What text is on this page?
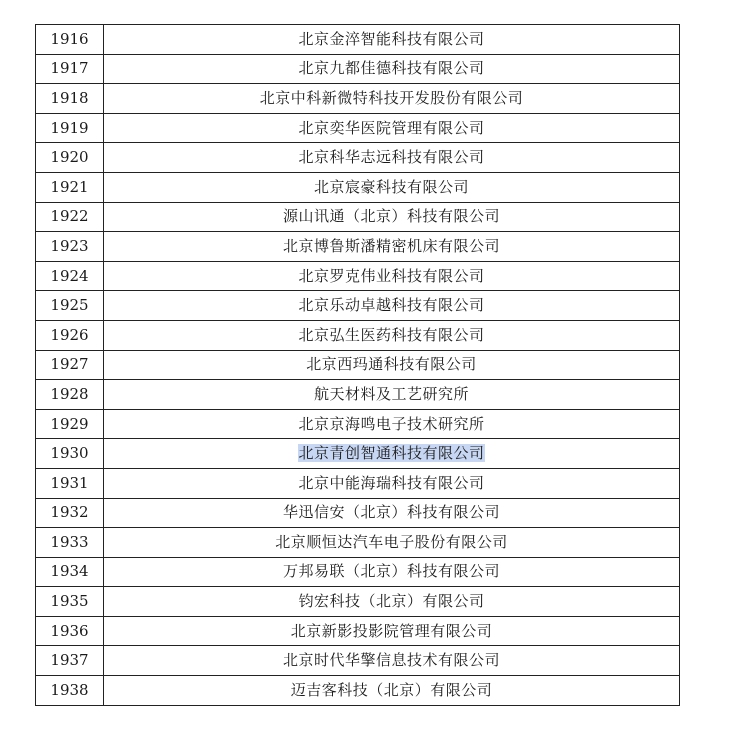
1916	北京金淬智能科技有限公司
1917	北京九都佳德科技有限公司
1918	北京中科新微特科技开发股份有限公司
1919	北京奕华医院管理有限公司
1920	北京科华志远科技有限公司
1921	北京宸豪科技有限公司
1922	源山讯通（北京）科技有限公司
1923	北京博鲁斯潘精密机床有限公司
1924	北京罗克伟业科技有限公司
1925	北京乐动卓越科技有限公司
1926	北京弘生医药科技有限公司
1927	北京西玛通科技有限公司
1928	航天材料及工艺研究所
1929	北京京海鸣电子技术研究所
1930	北京青创智通科技有限公司
1931	北京中能海瑞科技有限公司
1932	华迅信安（北京）科技有限公司
1933	北京顺恒达汽车电子股份有限公司
1934	万邦易联（北京）科技有限公司
1935	钧宏科技（北京）有限公司
1936	北京新影投影院管理有限公司
1937	北京时代华擎信息技术有限公司
1938	迈吉客科技（北京）有限公司
